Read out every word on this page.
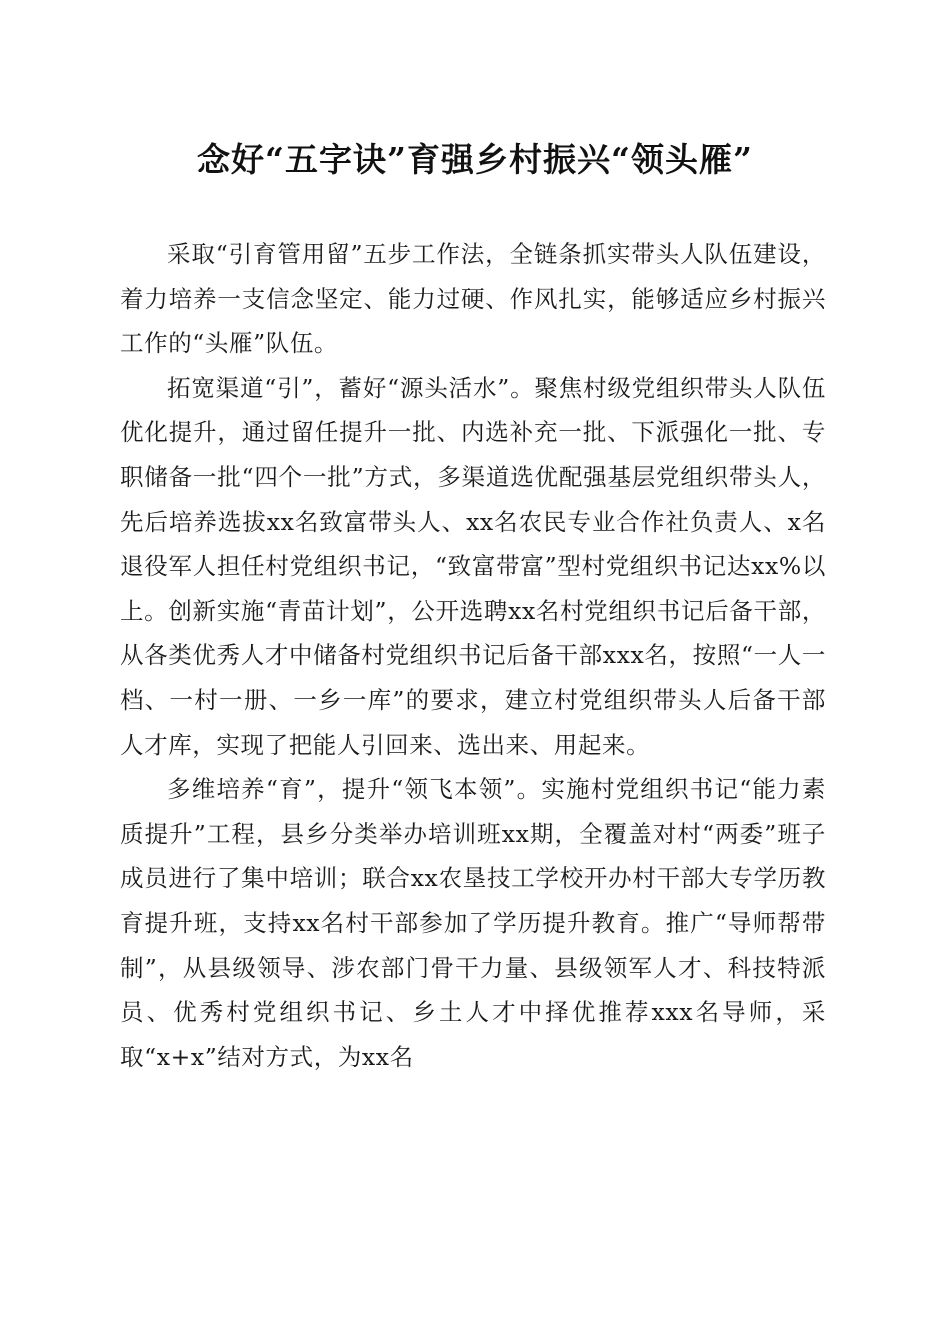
念好“五字诀”育强乡村振兴“领头雁”

采取“引育管用留”五步工作法，全链条抓实带头人队伍建设，着力培养一支信念坚定、能力过硬、作风扎实，能够适应乡村振兴工作的“头雁”队伍。

拓宽渠道“引”，蓄好“源头活水”。聚焦村级党组织带头人队伍优化提升，通过留任提升一批、内选补充一批、下派强化一批、专职储备一批“四个一批”方式，多渠道选优配强基层党组织带头人，先后培养选拔xx名致富带头人、xx名农民专业合作社负责人、x名退役军人担任村党组织书记，“致富带富”型村党组织书记达xx%以上。创新实施“青苗计划”，公开选聘xx名村党组织书记后备干部，从各类优秀人才中储备村党组织书记后备干部xxx名，按照“一人一档、一村一册、一乡一库”的要求，建立村党组织带头人后备干部人才库，实现了把能人引回来、选出来、用起来。

多维培养“育”，提升“领飞本领”。实施村党组织书记“能力素质提升”工程，县乡分类举办培训班xx期，全覆盖对村“两委”班子成员进行了集中培训；联合xx农垦技工学校开办村干部大专学历教育提升班，支持xx名村干部参加了学历提升教育。推广“导师帮带制”，从县级领导、涉农部门骨干力量、县级领军人才、科技特派员、优秀村党组织书记、乡土人才中择优推荐xxx名导师，采取“x+x”结对方式，为xx名
